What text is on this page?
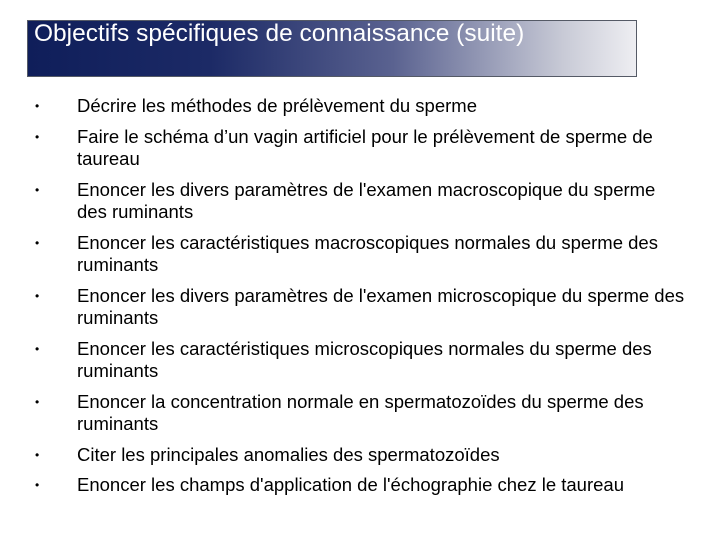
Objectifs spécifiques de connaissance (suite)
• Décrire les méthodes de prélèvement du sperme
• Faire le schéma d’un vagin artificiel pour le prélèvement de sperme de taureau
• Enoncer les divers paramètres de l'examen macroscopique du sperme des ruminants
• Enoncer les caractéristiques macroscopiques normales du sperme des ruminants
• Enoncer les divers paramètres de l'examen microscopique du sperme des ruminants
• Enoncer les caractéristiques microscopiques normales du sperme des ruminants
• Enoncer la concentration normale en spermatozoïdes du sperme des ruminants
• Citer les principales anomalies des spermatozoïdes
• Enoncer les champs d'application de l'échographie chez le taureau
